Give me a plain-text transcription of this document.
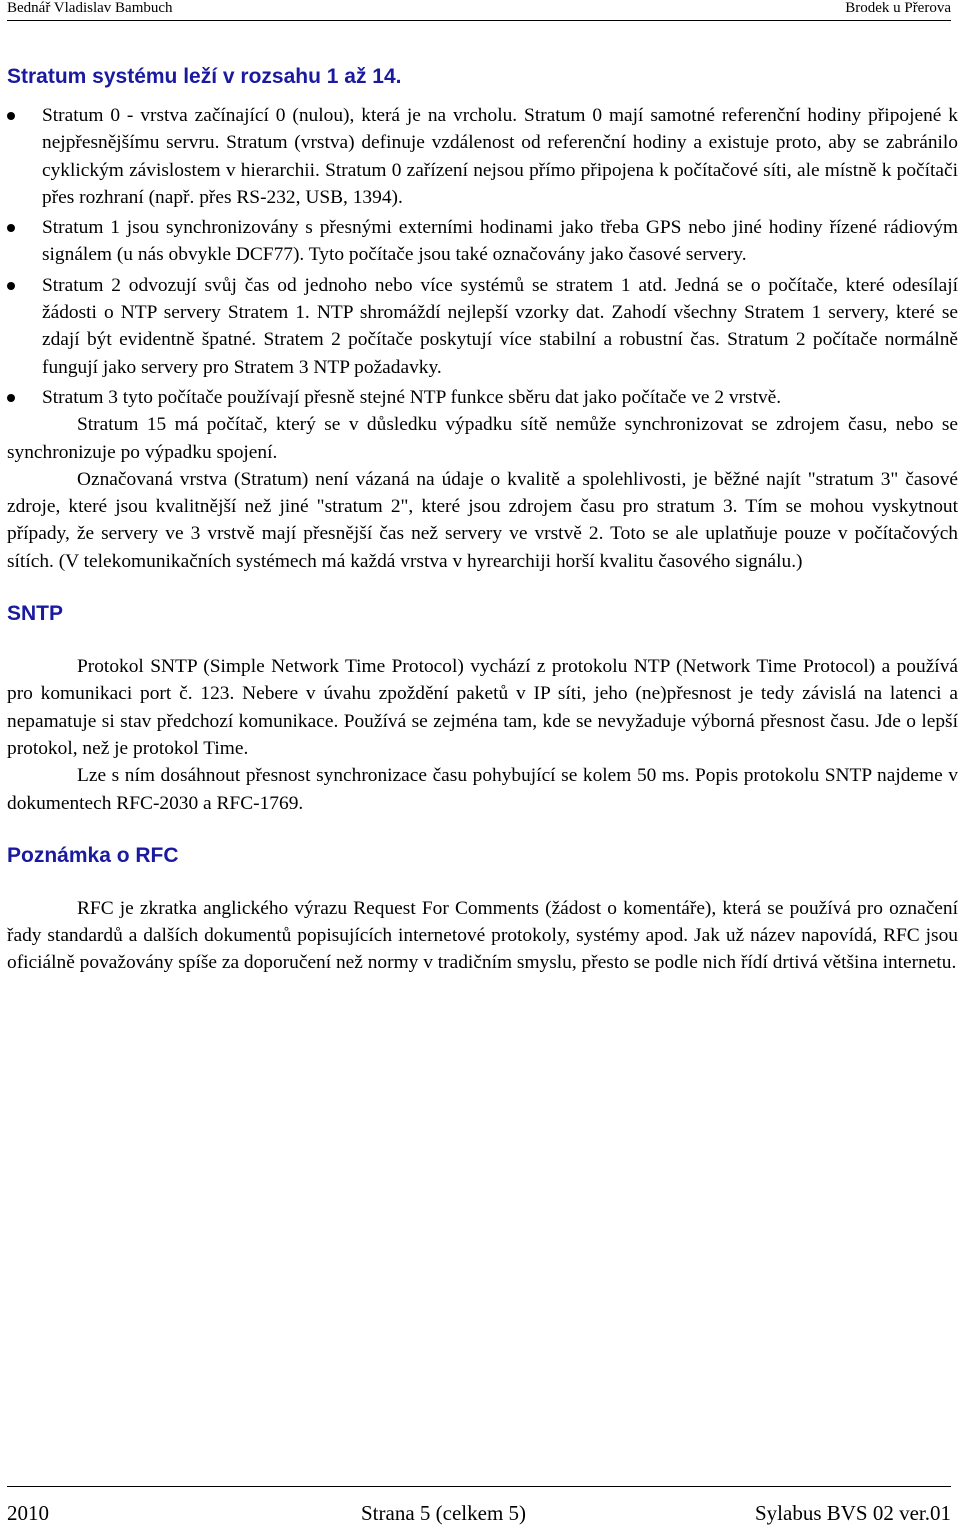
Bednář Vladislav Bambuch	Brodek u Přerova
Stratum systému leží v rozsahu 1 až 14.
Stratum 0 - vrstva začínající 0 (nulou), která je na vrcholu. Stratum 0 mají samotné referenční hodiny připojené k nejpřesnějšímu servru. Stratum (vrstva) definuje vzdálenost od referenční hodiny a existuje proto, aby se zabránilo cyklickým závislostem v hierarchii. Stratum 0 zařízení nejsou přímo připojena k počítačové síti, ale místně k počítači přes rozhraní (např. přes RS-232, USB, 1394).
Stratum 1 jsou synchronizovány s přesnými externími hodinami jako třeba GPS nebo jiné hodiny řízené rádiovým signálem (u nás obvykle DCF77). Tyto počítače jsou také označovány jako časové servery.
Stratum 2 odvozují svůj čas od jednoho nebo více systémů se stratem 1 atd. Jedná se o počítače, které odesílají žádosti o NTP servery Stratem 1. NTP shromáždí nejlepší vzorky dat. Zahodí všechny Stratem 1 servery, které se zdají být evidentně špatné. Stratem 2 počítače poskytují více stabilní a robustní čas. Stratum 2 počítače normálně fungují jako servery pro Stratem 3 NTP požadavky.
Stratum 3 tyto počítače používají přesně stejné NTP funkce sběru dat jako počítače ve 2 vrstvě.

Stratum 15 má počítač, který se v důsledku výpadku sítě nemůže synchronizovat se zdrojem času, nebo se synchronizuje po výpadku spojení.

Označovaná vrstva (Stratum) není vázaná na údaje o kvalitě a spolehlivosti, je běžné najít "stratum 3" časové zdroje, které jsou kvalitnější než jiné "stratum 2", které jsou zdrojem času pro stratum 3. Tím se mohou vyskytnout případy, že servery ve 3 vrstvě mají přesnější čas než servery ve vrstvě 2. Toto se ale uplatňuje pouze v počítačových sítích. (V telekomunikačních systémech má každá vrstva v hyrearchiji horší kvalitu časového signálu.)

SNTP

Protokol SNTP (Simple Network Time Protocol) vychází z protokolu NTP (Network Time Protocol) a používá pro komunikaci port č. 123. Nebere v úvahu zpoždění paketů v IP síti, jeho (ne)přesnost je tedy závislá na latenci a nepamatuje si stav předchozí komunikace. Používá se zejména tam, kde se nevyžaduje výborná přesnost času. Jde o lepší protokol, než je protokol Time.

Lze s ním dosáhnout přesnost synchronizace času pohybující se kolem 50 ms. Popis protokolu SNTP najdeme v dokumentech RFC-2030 a RFC-1769.

Poznámka o RFC

RFC je zkratka anglického výrazu Request For Comments (žádost o komentáře), která se používá pro označení řady standardů a dalších dokumentů popisujících internetové protokoly, systémy apod. Jak už název napovídá, RFC jsou oficiálně považovány spíše za doporučení než normy v tradičním smyslu, přesto se podle nich řídí drtivá většina internetu.

2010	Strana 5 (celkem 5)	Sylabus BVS 02 ver.01
